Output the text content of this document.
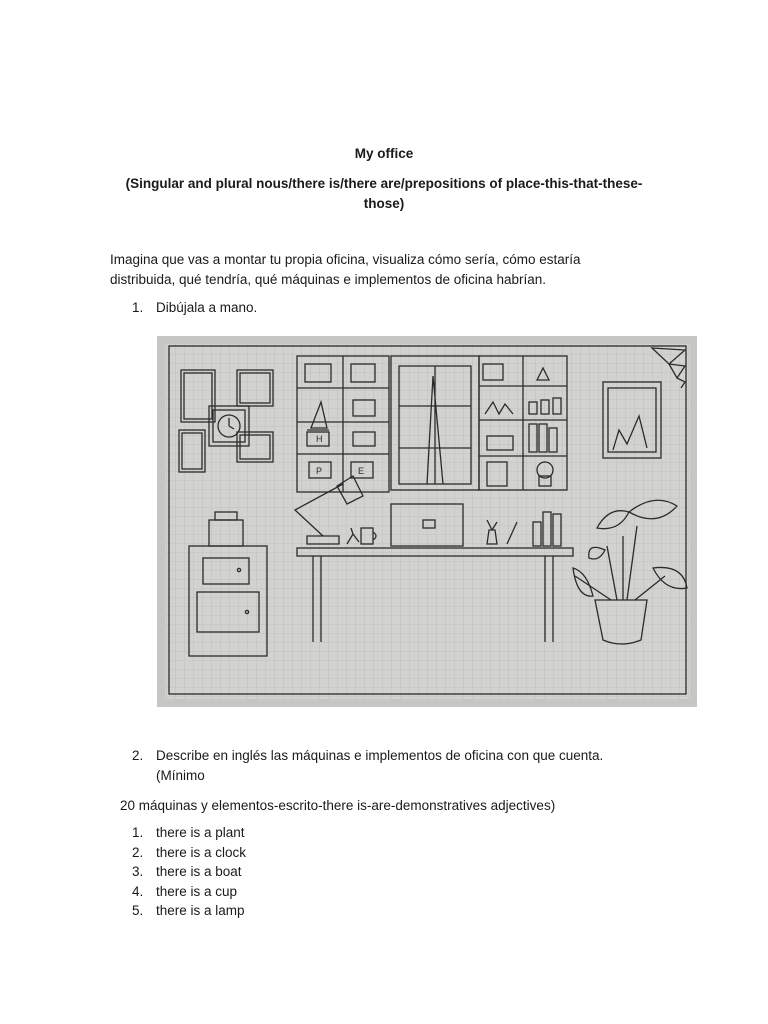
My office
(Singular and plural nous/there is/there are/prepositions of place-this-that-these-those)
Imagina que vas a montar tu propia oficina, visualiza cómo sería, cómo estaría distribuida, qué tendría, qué máquinas e implementos de oficina habrían.
1. Dibújala a mano.
H
P	E
2. Describe en inglés las máquinas e implementos de oficina con que cuenta. (Mínimo
20 máquinas y elementos-escrito-there is-are-demonstratives adjectives)
1. there is a plant
2. there is a clock
3. there is a boat
4. there is a cup
5. there is a lamp
